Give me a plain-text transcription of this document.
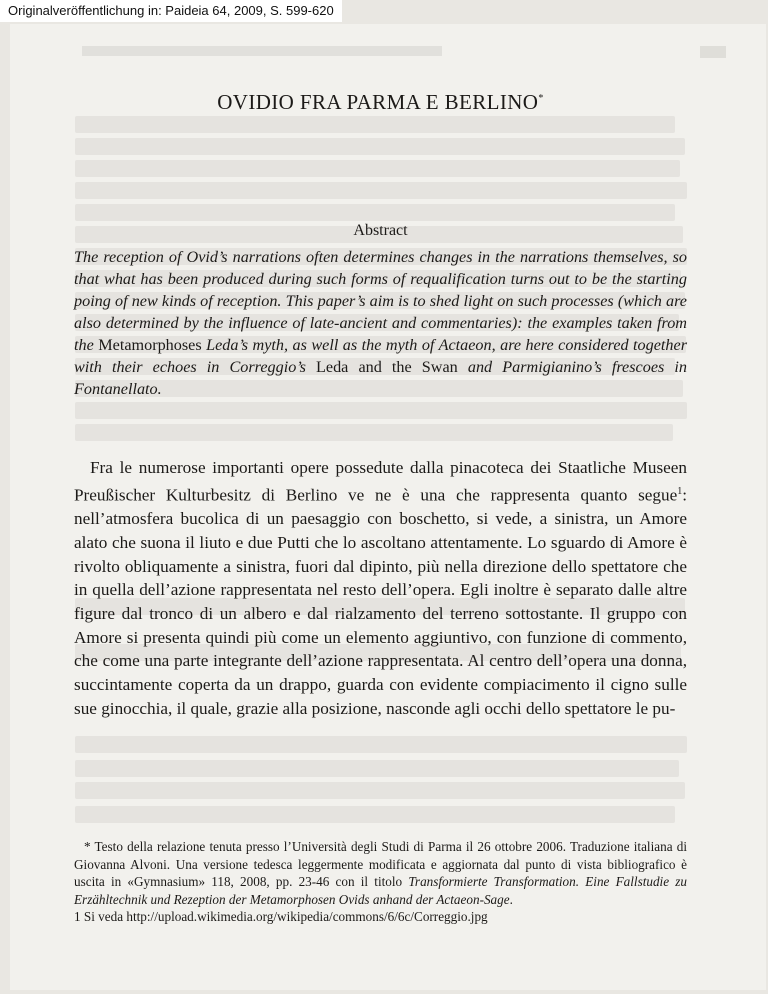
Originalveröffentlichung in: Paideia 64, 2009, S. 599-620
OVIDIO FRA PARMA E BERLINO*
Abstract
The reception of Ovid’s narrations often determines changes in the narrations themselves, so that what has been produced during such forms of requalification turns out to be the starting poing of new kinds of reception. This paper’s aim is to shed light on such processes (which are also determined by the influence of late-ancient and commentaries): the examples taken from the Metamorphoses Leda’s myth, as well as the myth of Actaeon, are here considered together with their echoes in Correggio’s Leda and the Swan and Parmigianino’s frescoes in Fontanellato.

Fra le numerose importanti opere possedute dalla pinacoteca dei Staatliche Museen Preußischer Kulturbesitz di Berlino ve ne è una che rappresenta quanto segue$^1$: nell’atmosfera bucolica di un paesaggio con boschetto, si vede, a sinistra, un Amore alato che suona il liuto e due Putti che lo ascoltano attentamente. Lo sguardo di Amore è rivolto obliquamente a sinistra, fuori dal dipinto, più nella direzione dello spettatore che in quella dell’azione rappresentata nel resto dell’opera. Egli inoltre è separato dalle altre figure dal tronco di un albero e dal rialzamento del terreno sottostante. Il gruppo con Amore si presenta quindi più come un elemento aggiuntivo, con funzione di commento, che come una parte integrante dell’azione rappresentata. Al centro dell’opera una donna, succintamente coperta da un drappo, guarda con evidente compiacimento il cigno sulle sue ginocchia, il quale, grazie alla posizione, nasconde agli occhi dello spettatore le pu-

* Testo della relazione tenuta presso l’Università degli Studi di Parma il 26 ottobre 2006. Traduzione italiana di Giovanna Alvoni. Una versione tedesca leggermente modificata e aggiornata dal punto di vista bibliografico è uscita in «Gymnasium» 118, 2008, pp. 23-46 con il titolo Transformierte Transformation. Eine Fallstudie zu Erzähltechnik und Rezeption der Metamorphosen Ovids anhand der Actaeon-Sage.

1 Si veda http://upload.wikimedia.org/wikipedia/commons/6/6c/Correggio.jpg
